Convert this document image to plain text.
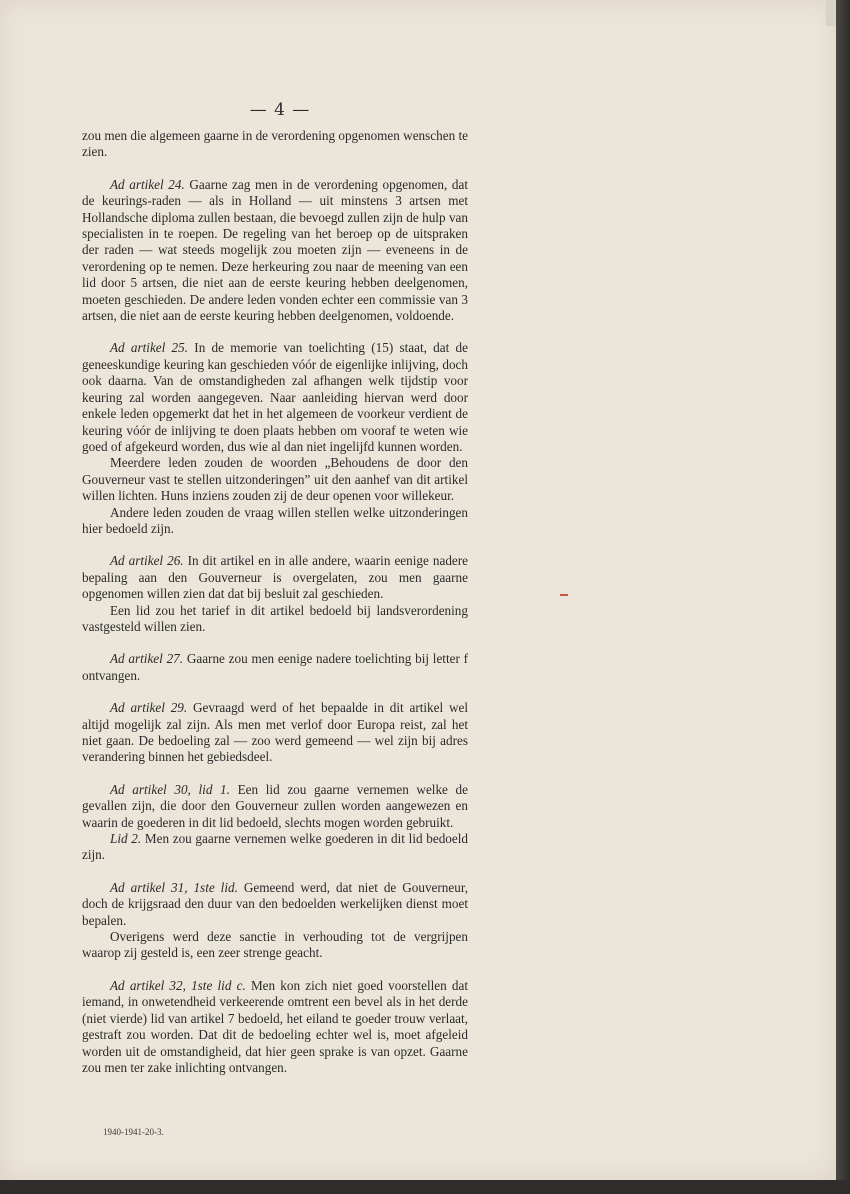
— 4 —

zou men die algemeen gaarne in de verordening opgenomen wenschen te zien.

Ad artikel 24. Gaarne zag men in de verordening opgenomen, dat de keurings-raden — als in Holland — uit minstens 3 artsen met Hollandsche diploma zullen bestaan, die bevoegd zullen zijn de hulp van specialisten in te roepen. De regeling van het beroep op de uitspraken der raden — wat steeds mogelijk zou moeten zijn — eveneens in de verordening op te nemen. Deze herkeuring zou naar de meening van een lid door 5 artsen, die niet aan de eerste keuring hebben deelgenomen, moeten geschieden. De andere leden vonden echter een commissie van 3 artsen, die niet aan de eerste keuring hebben deelgenomen, voldoende.

Ad artikel 25. In de memorie van toelichting (15) staat, dat de geneeskundige keuring kan geschieden vóór de eigenlijke inlijving, doch ook daarna. Van de omstandigheden zal afhangen welk tijdstip voor keuring zal worden aangegeven. Naar aanleiding hiervan werd door enkele leden opgemerkt dat het in het algemeen de voorkeur verdient de keuring vóór de inlijving te doen plaats hebben om vooraf te weten wie goed of afgekeurd worden, dus wie al dan niet ingelijfd kunnen worden.

Meerdere leden zouden de woorden „Behoudens de door den Gouverneur vast te stellen uitzonderingen” uit den aanhef van dit artikel willen lichten. Huns inziens zouden zij de deur openen voor willekeur.

Andere leden zouden de vraag willen stellen welke uitzonderingen hier bedoeld zijn.

Ad artikel 26. In dit artikel en in alle andere, waarin eenige nadere bepaling aan den Gouverneur is overgelaten, zou men gaarne opgenomen willen zien dat dat bij besluit zal geschieden.

Een lid zou het tarief in dit artikel bedoeld bij landsverordening vastgesteld willen zien.

Ad artikel 27. Gaarne zou men eenige nadere toelichting bij letter f ontvangen.

Ad artikel 29. Gevraagd werd of het bepaalde in dit artikel wel altijd mogelijk zal zijn. Als men met verlof door Europa reist, zal het niet gaan. De bedoeling zal — zoo werd gemeend — wel zijn bij adres verandering binnen het gebiedsdeel.

Ad artikel 30, lid 1. Een lid zou gaarne vernemen welke de gevallen zijn, die door den Gouverneur zullen worden aangewezen en waarin de goederen in dit lid bedoeld, slechts mogen worden gebruikt.

Lid 2. Men zou gaarne vernemen welke goederen in dit lid bedoeld zijn.

Ad artikel 31, 1ste lid. Gemeend werd, dat niet de Gouverneur, doch de krijgsraad den duur van den bedoelden werkelijken dienst moet bepalen.

Overigens werd deze sanctie in verhouding tot de vergrijpen waarop zij gesteld is, een zeer strenge geacht.

Ad artikel 32, 1ste lid c. Men kon zich niet goed voorstellen dat iemand, in onwetendheid verkeerende omtrent een bevel als in het derde (niet vierde) lid van artikel 7 bedoeld, het eiland te goeder trouw verlaat, gestraft zou worden. Dat dit de bedoeling echter wel is, moet afgeleid worden uit de omstandigheid, dat hier geen sprake is van opzet. Gaarne zou men ter zake inlichting ontvangen.

1940-1941-20-3.
